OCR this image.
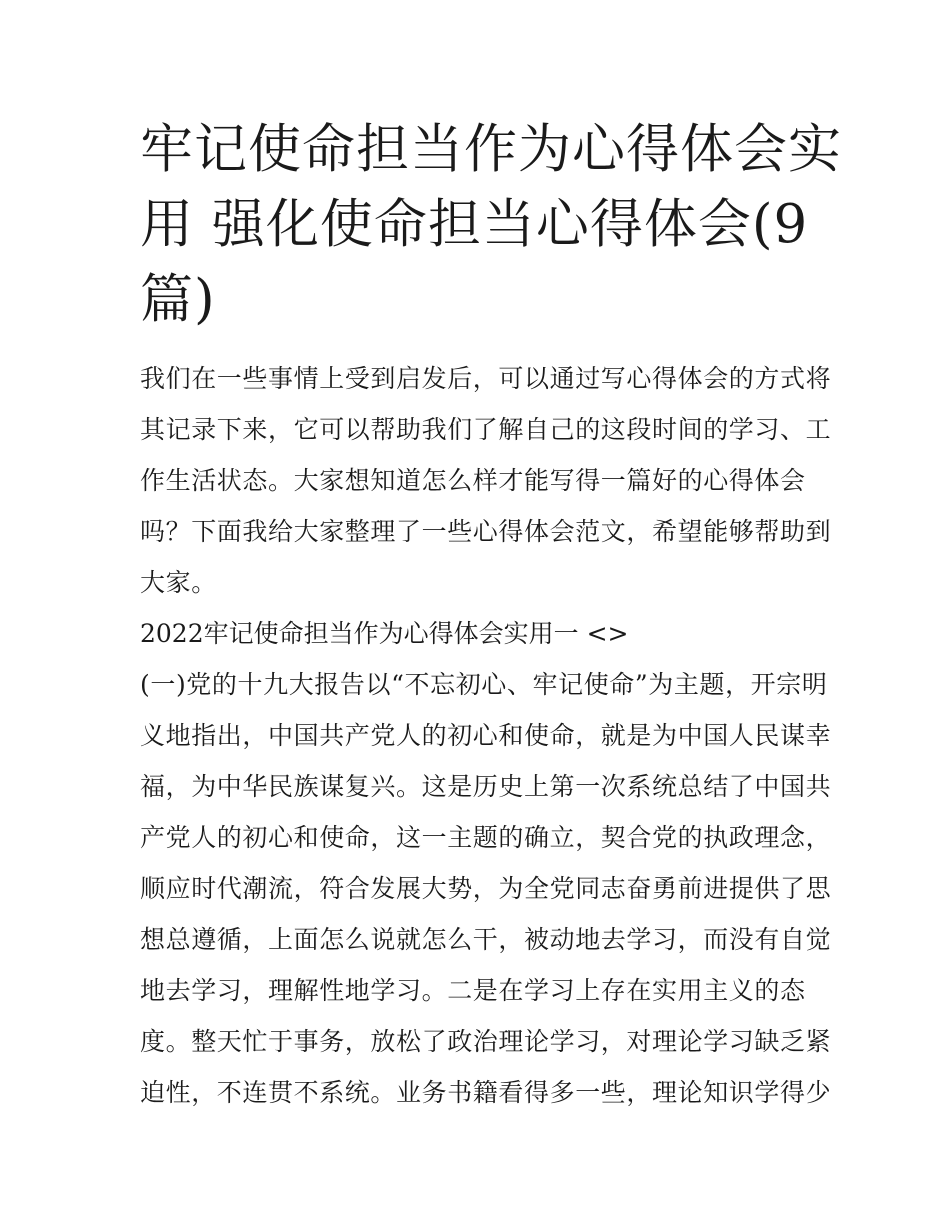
牢记使命担当作为心得体会实
用 强化使命担当心得体会(9
篇)
我们在一些事情上受到启发后，可以通过写心得体会的方式将
其记录下来，它可以帮助我们了解自己的这段时间的学习、工
作生活状态。大家想知道怎么样才能写得一篇好的心得体会
吗？下面我给大家整理了一些心得体会范文，希望能够帮助到
大家。
2022牢记使命担当作为心得体会实用一 <>
(一)党的十九大报告以“不忘初心、牢记使命”为主题，开宗明
义地指出，中国共产党人的初心和使命，就是为中国人民谋幸
福，为中华民族谋复兴。这是历史上第一次系统总结了中国共
产党人的初心和使命，这一主题的确立，契合党的执政理念，
顺应时代潮流，符合发展大势，为全党同志奋勇前进提供了思
想总遵循，上面怎么说就怎么干，被动地去学习，而没有自觉
地去学习，理解性地学习。二是在学习上存在实用主义的态
度。整天忙于事务，放松了政治理论学习，对理论学习缺乏紧
迫性，不连贯不系统。业务书籍看得多一些，理论知识学得少
